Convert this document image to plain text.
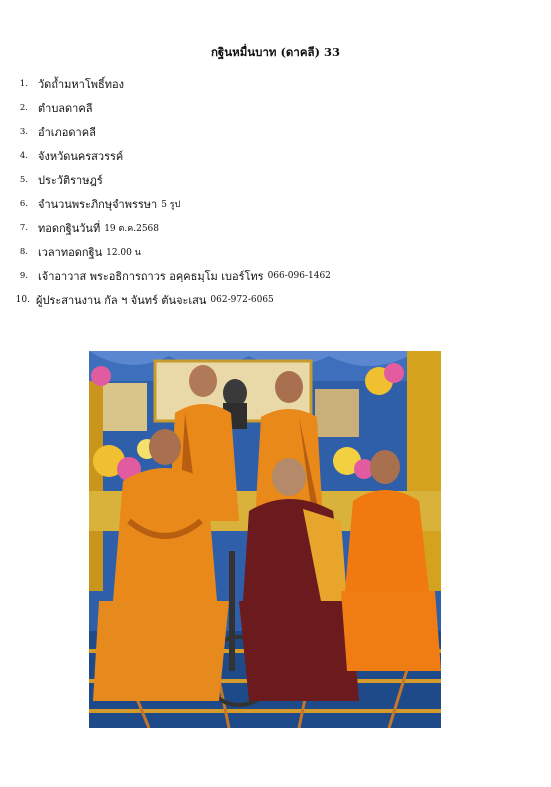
กฐินหมื่นบาท (ดาคลี) 33
1. วัดถ้ำมหาโพธิ์ทอง
2. ตำบลดาคลี
3. อำเภอดาคลี
4. จังหวัดนครสวรรค์
5. ประวัติราษฎร์
6. จำนวนพระภิกษุจำพรรษา 5 รูป
7. ทอดกฐินวันที่ 19 ต.ค.2568
8. เวลาทอดกฐิน 12.00 น
9. เจ้าอาวาส พระอธิการถาวร อคฺคธมฺโม เบอร์โทร 066-096-1462
10. ผู้ประสานงาน กัล ฯ จันทร์ ตันจะเสน 062-972-6065
